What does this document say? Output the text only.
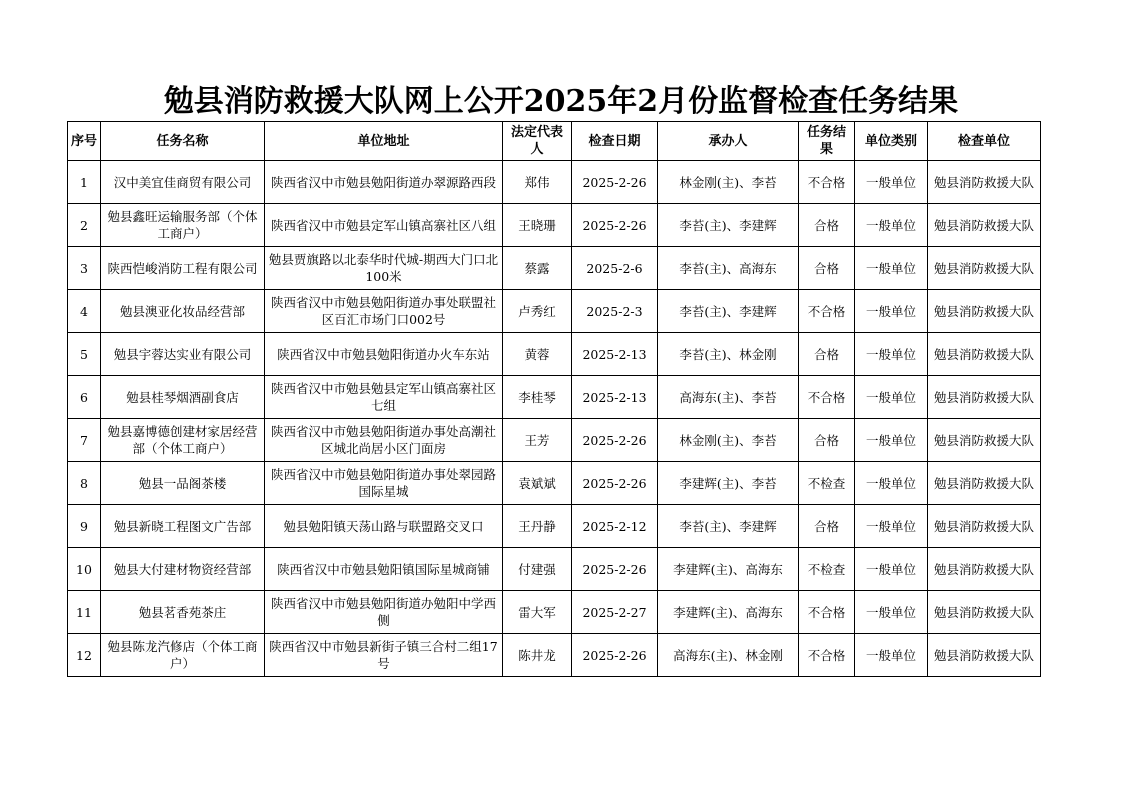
勉县消防救援大队网上公开2025年2月份监督检查任务结果
序号	任务名称	单位地址	法定代表人	检查日期	承办人	任务结果	单位类别	检查单位
1	汉中美宜佳商贸有限公司	陕西省汉中市勉县勉阳街道办翠源路西段	郑伟	2025-2-26	林金刚(主)、李苔	不合格	一般单位	勉县消防救援大队
2	勉县鑫旺运输服务部（个体工商户）	陕西省汉中市勉县定军山镇高寨社区八组	王晓珊	2025-2-26	李苔(主)、李建辉	合格	一般单位	勉县消防救援大队
3	陕西恺峻消防工程有限公司	勉县贾旗路以北泰华时代城-期西大门口北100米	蔡露	2025-2-6	李苔(主)、高海东	合格	一般单位	勉县消防救援大队
4	勉县澳亚化妆品经营部	陕西省汉中市勉县勉阳街道办事处联盟社区百汇市场门口002号	卢秀红	2025-2-3	李苔(主)、李建辉	不合格	一般单位	勉县消防救援大队
5	勉县宇蓉达实业有限公司	陕西省汉中市勉县勉阳街道办火车东站	黄蓉	2025-2-13	李苔(主)、林金刚	合格	一般单位	勉县消防救援大队
6	勉县桂琴烟酒副食店	陕西省汉中市勉县勉县定军山镇高寨社区七组	李桂琴	2025-2-13	高海东(主)、李苔	不合格	一般单位	勉县消防救援大队
7	勉县嘉博德创建材家居经营部（个体工商户）	陕西省汉中市勉县勉阳街道办事处高潮社区城北尚居小区门面房	王芳	2025-2-26	林金刚(主)、李苔	合格	一般单位	勉县消防救援大队
8	勉县一品阁茶楼	陕西省汉中市勉县勉阳街道办事处翠园路国际星城	袁斌斌	2025-2-26	李建辉(主)、李苔	不检查	一般单位	勉县消防救援大队
9	勉县新晓工程图文广告部	勉县勉阳镇天荡山路与联盟路交叉口	王丹静	2025-2-12	李苔(主)、李建辉	合格	一般单位	勉县消防救援大队
10	勉县大付建材物资经营部	陕西省汉中市勉县勉阳镇国际星城商铺	付建强	2025-2-26	李建辉(主)、高海东	不检查	一般单位	勉县消防救援大队
11	勉县茗香苑茶庄	陕西省汉中市勉县勉阳街道办勉阳中学西侧	雷大军	2025-2-27	李建辉(主)、高海东	不合格	一般单位	勉县消防救援大队
12	勉县陈龙汽修店（个体工商户）	陕西省汉中市勉县新街子镇三合村二组17号	陈井龙	2025-2-26	高海东(主)、林金刚	不合格	一般单位	勉县消防救援大队
